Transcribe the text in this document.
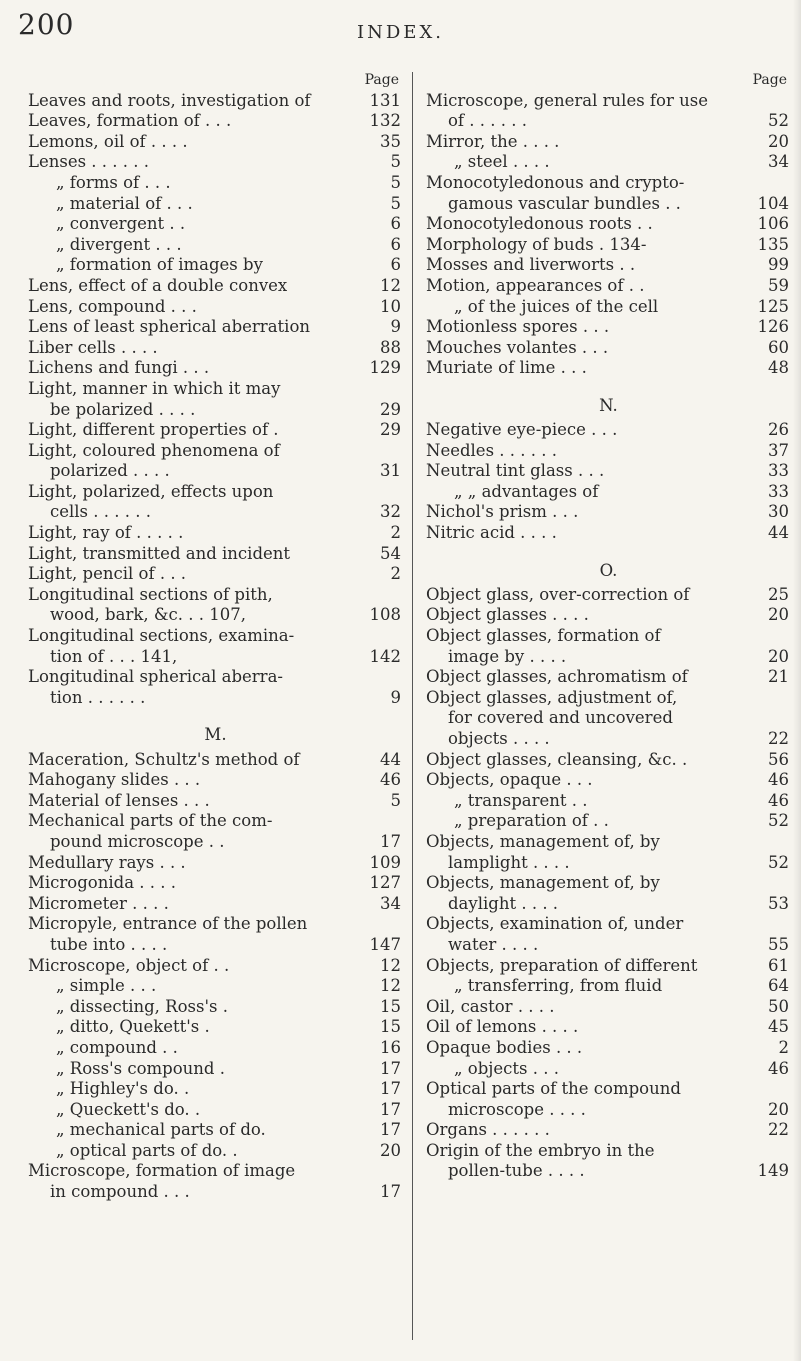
200	INDEX.
Page
Leaves and roots, investigation of	131
Leaves, formation of . . .	132
Lemons, oil of . . . .	35
Lenses . . . . . .	5
„ forms of . . .	5
„ material of . . .	5
„ convergent . .	6
„ divergent . . .	6
„ formation of images by	6
Lens, effect of a double convex	12
Lens, compound . . .	10
Lens of least spherical aberration	9
Liber cells . . . .	88
Lichens and fungi . . .	129
Light, manner in which it may
be polarized . . . .	29
Light, different properties of .	29
Light, coloured phenomena of
polarized . . . .	31
Light, polarized, effects upon
cells . . . . . .	32
Light, ray of . . . . .	2
Light, transmitted and incident	54
Light, pencil of . . .	2
Longitudinal sections of pith,
wood, bark, &c. . . 107,	108
Longitudinal sections, examina-
tion of . . . 141,	142
Longitudinal spherical aberra-
tion . . . . . .	9
M.
Maceration, Schultz's method of	44
Mahogany slides . . .	46
Material of lenses . . .	5
Mechanical parts of the com-
pound microscope . .	17
Medullary rays . . .	109
Microgonida . . . .	127
Micrometer . . . .	34
Micropyle, entrance of the pollen
tube into . . . .	147
Microscope, object of . .	12
„ simple . . .	12
„ dissecting, Ross's .	15
„ ditto, Quekett's .	15
„ compound . .	16
„ Ross's compound .	17
„ Highley's do. .	17
„ Queckett's do. .	17
„ mechanical parts of do.	17
„ optical parts of do. .	20
Microscope, formation of image
in compound . . .	17
Page
Microscope, general rules for use
of . . . . . .	52
Mirror, the . . . .	20
„ steel . . . .	34
Monocotyledonous and crypto-
gamous vascular bundles . .	104
Monocotyledonous roots . .	106
Morphology of buds . 134-	135
Mosses and liverworts . .	99
Motion, appearances of . .	59
„ of the juices of the cell	125
Motionless spores . . .	126
Mouches volantes . . .	60
Muriate of lime . . .	48
N.
Negative eye-piece . . .	26
Needles . . . . . .	37
Neutral tint glass . . .	33
„ „ advantages of	33
Nichol's prism . . .	30
Nitric acid . . . .	44
O.
Object glass, over-correction of	25
Object glasses . . . .	20
Object glasses, formation of
image by . . . .	20
Object glasses, achromatism of	21
Object glasses, adjustment of,
for covered and uncovered
objects . . . .	22
Object glasses, cleansing, &c. .	56
Objects, opaque . . .	46
„ transparent . .	46
„ preparation of . .	52
Objects, management of, by
lamplight . . . .	52
Objects, management of, by
daylight . . . .	53
Objects, examination of, under
water . . . .	55
Objects, preparation of different	61
„ transferring, from fluid	64
Oil, castor . . . .	50
Oil of lemons . . . .	45
Opaque bodies . . .	2
„ objects . . .	46
Optical parts of the compound
microscope . . . .	20
Organs . . . . . .	22
Origin of the embryo in the
pollen-tube . . . .	149
